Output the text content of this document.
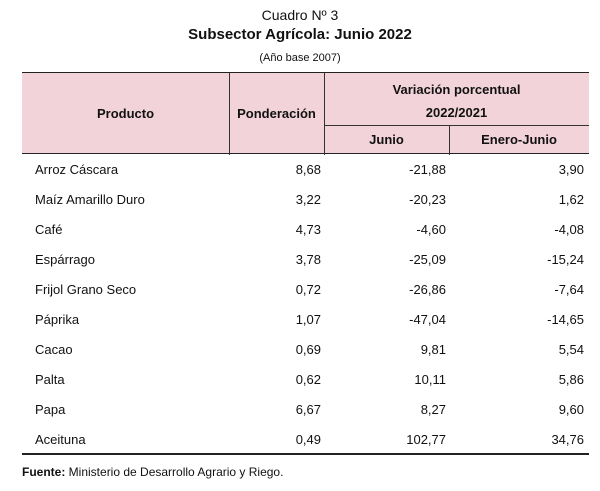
Cuadro Nº 3
Subsector Agrícola: Junio 2022
(Año base 2007)
Producto	Ponderación
Variación porcentual
2022/2021
Junio	Enero-Junio
Arroz Cáscara	8,68	-21,88	3,90
Maíz Amarillo Duro	3,22	-20,23	1,62
Café	4,73	-4,60	-4,08
Espárrago	3,78	-25,09	-15,24
Frijol Grano Seco	0,72	-26,86	-7,64
Páprika	1,07	-47,04	-14,65
Cacao	0,69	9,81	5,54
Palta	0,62	10,11	5,86
Papa	6,67	8,27	9,60
Aceituna	0,49	102,77	34,76
Fuente: Ministerio de Desarrollo Agrario y Riego.
